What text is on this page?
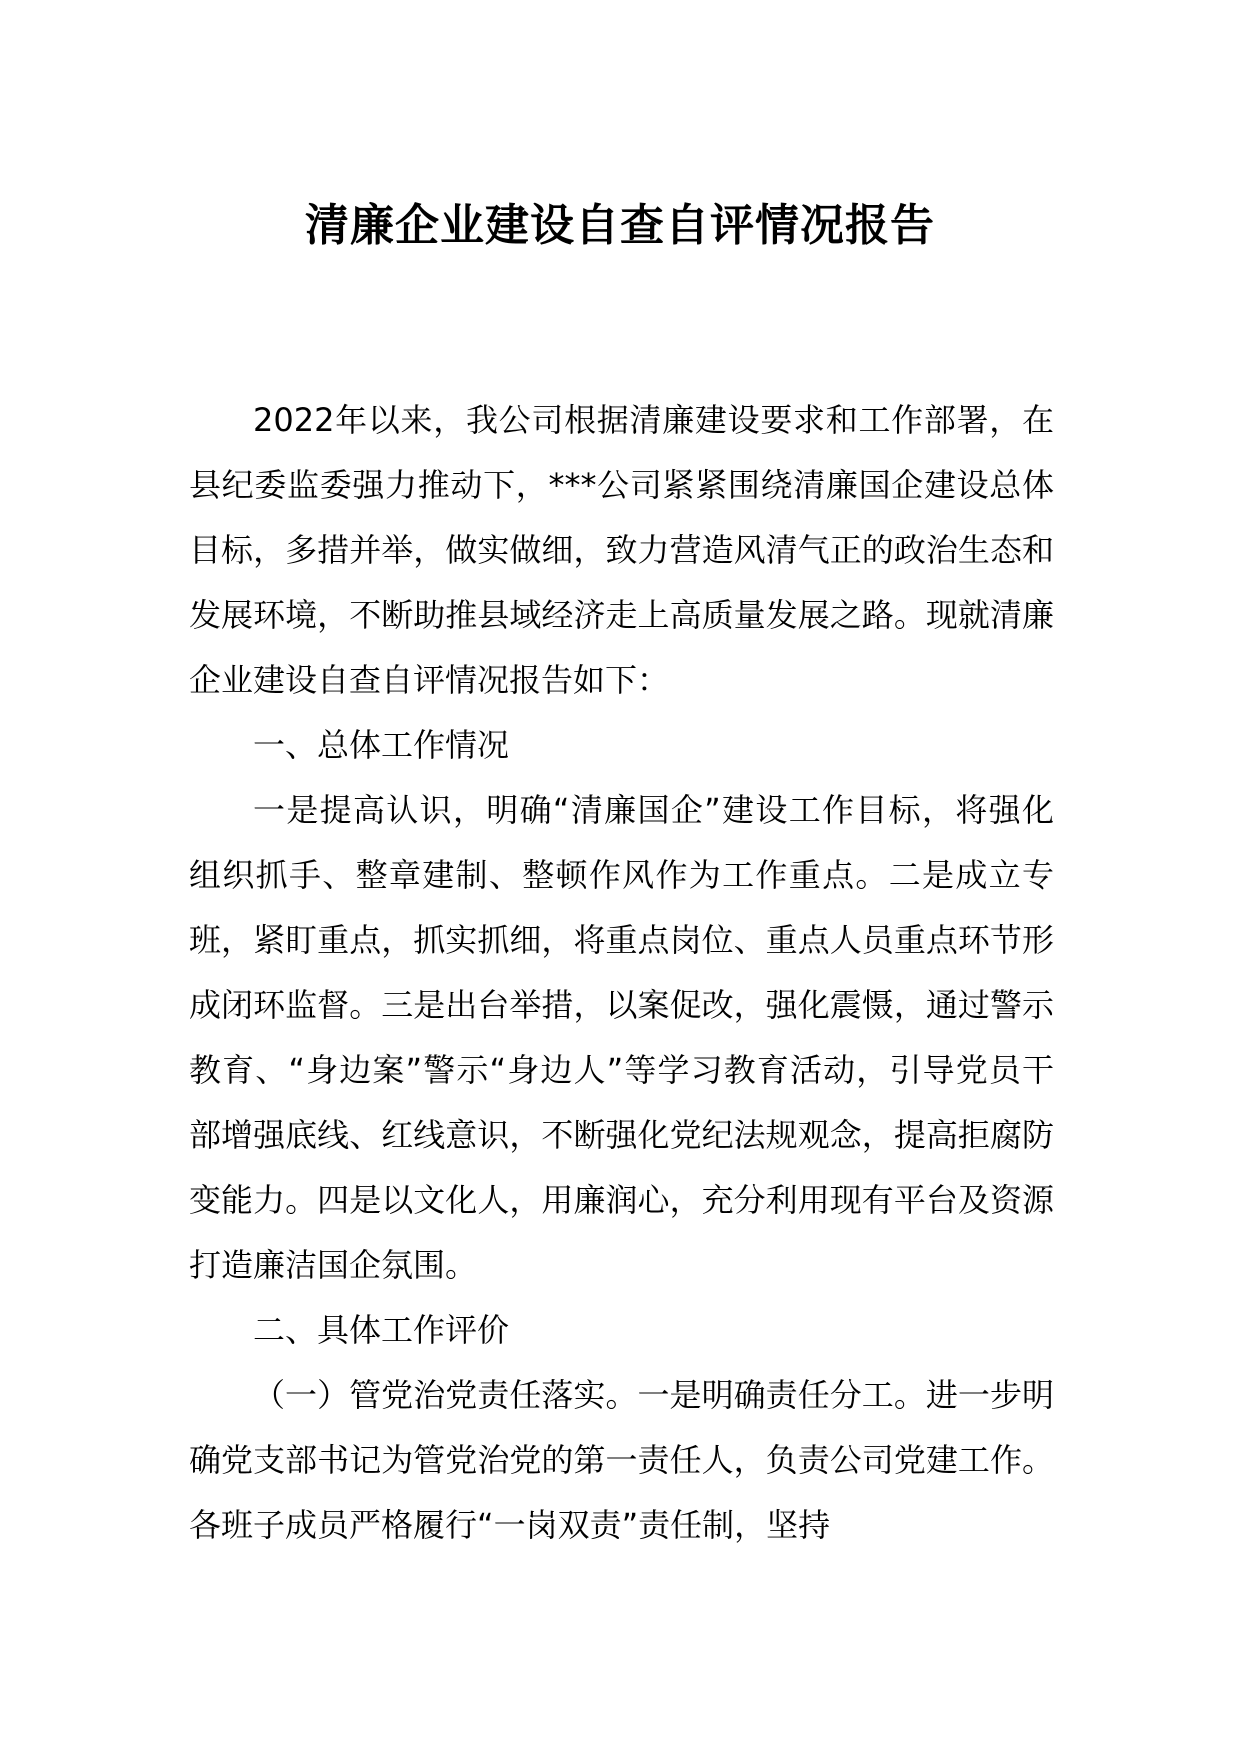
清廉企业建设自查自评情况报告

2022年以来，我公司根据清廉建设要求和工作部署，在县纪委监委强力推动下，***公司紧紧围绕清廉国企建设总体目标，多措并举，做实做细，致力营造风清气正的政治生态和发展环境，不断助推县域经济走上高质量发展之路。现就清廉企业建设自查自评情况报告如下：

一、总体工作情况

一是提高认识，明确“清廉国企”建设工作目标，将强化组织抓手、整章建制、整顿作风作为工作重点。二是成立专班，紧盯重点，抓实抓细，将重点岗位、重点人员重点环节形成闭环监督。三是出台举措，以案促改，强化震慑，通过警示教育、“身边案”警示“身边人”等学习教育活动，引导党员干部增强底线、红线意识，不断强化党纪法规观念，提高拒腐防变能力。四是以文化人，用廉润心，充分利用现有平台及资源打造廉洁国企氛围。

二、具体工作评价

（一）管党治党责任落实。一是明确责任分工。进一步明确党支部书记为管党治党的第一责任人，负责公司党建工作。各班子成员严格履行“一岗双责”责任制，坚持
